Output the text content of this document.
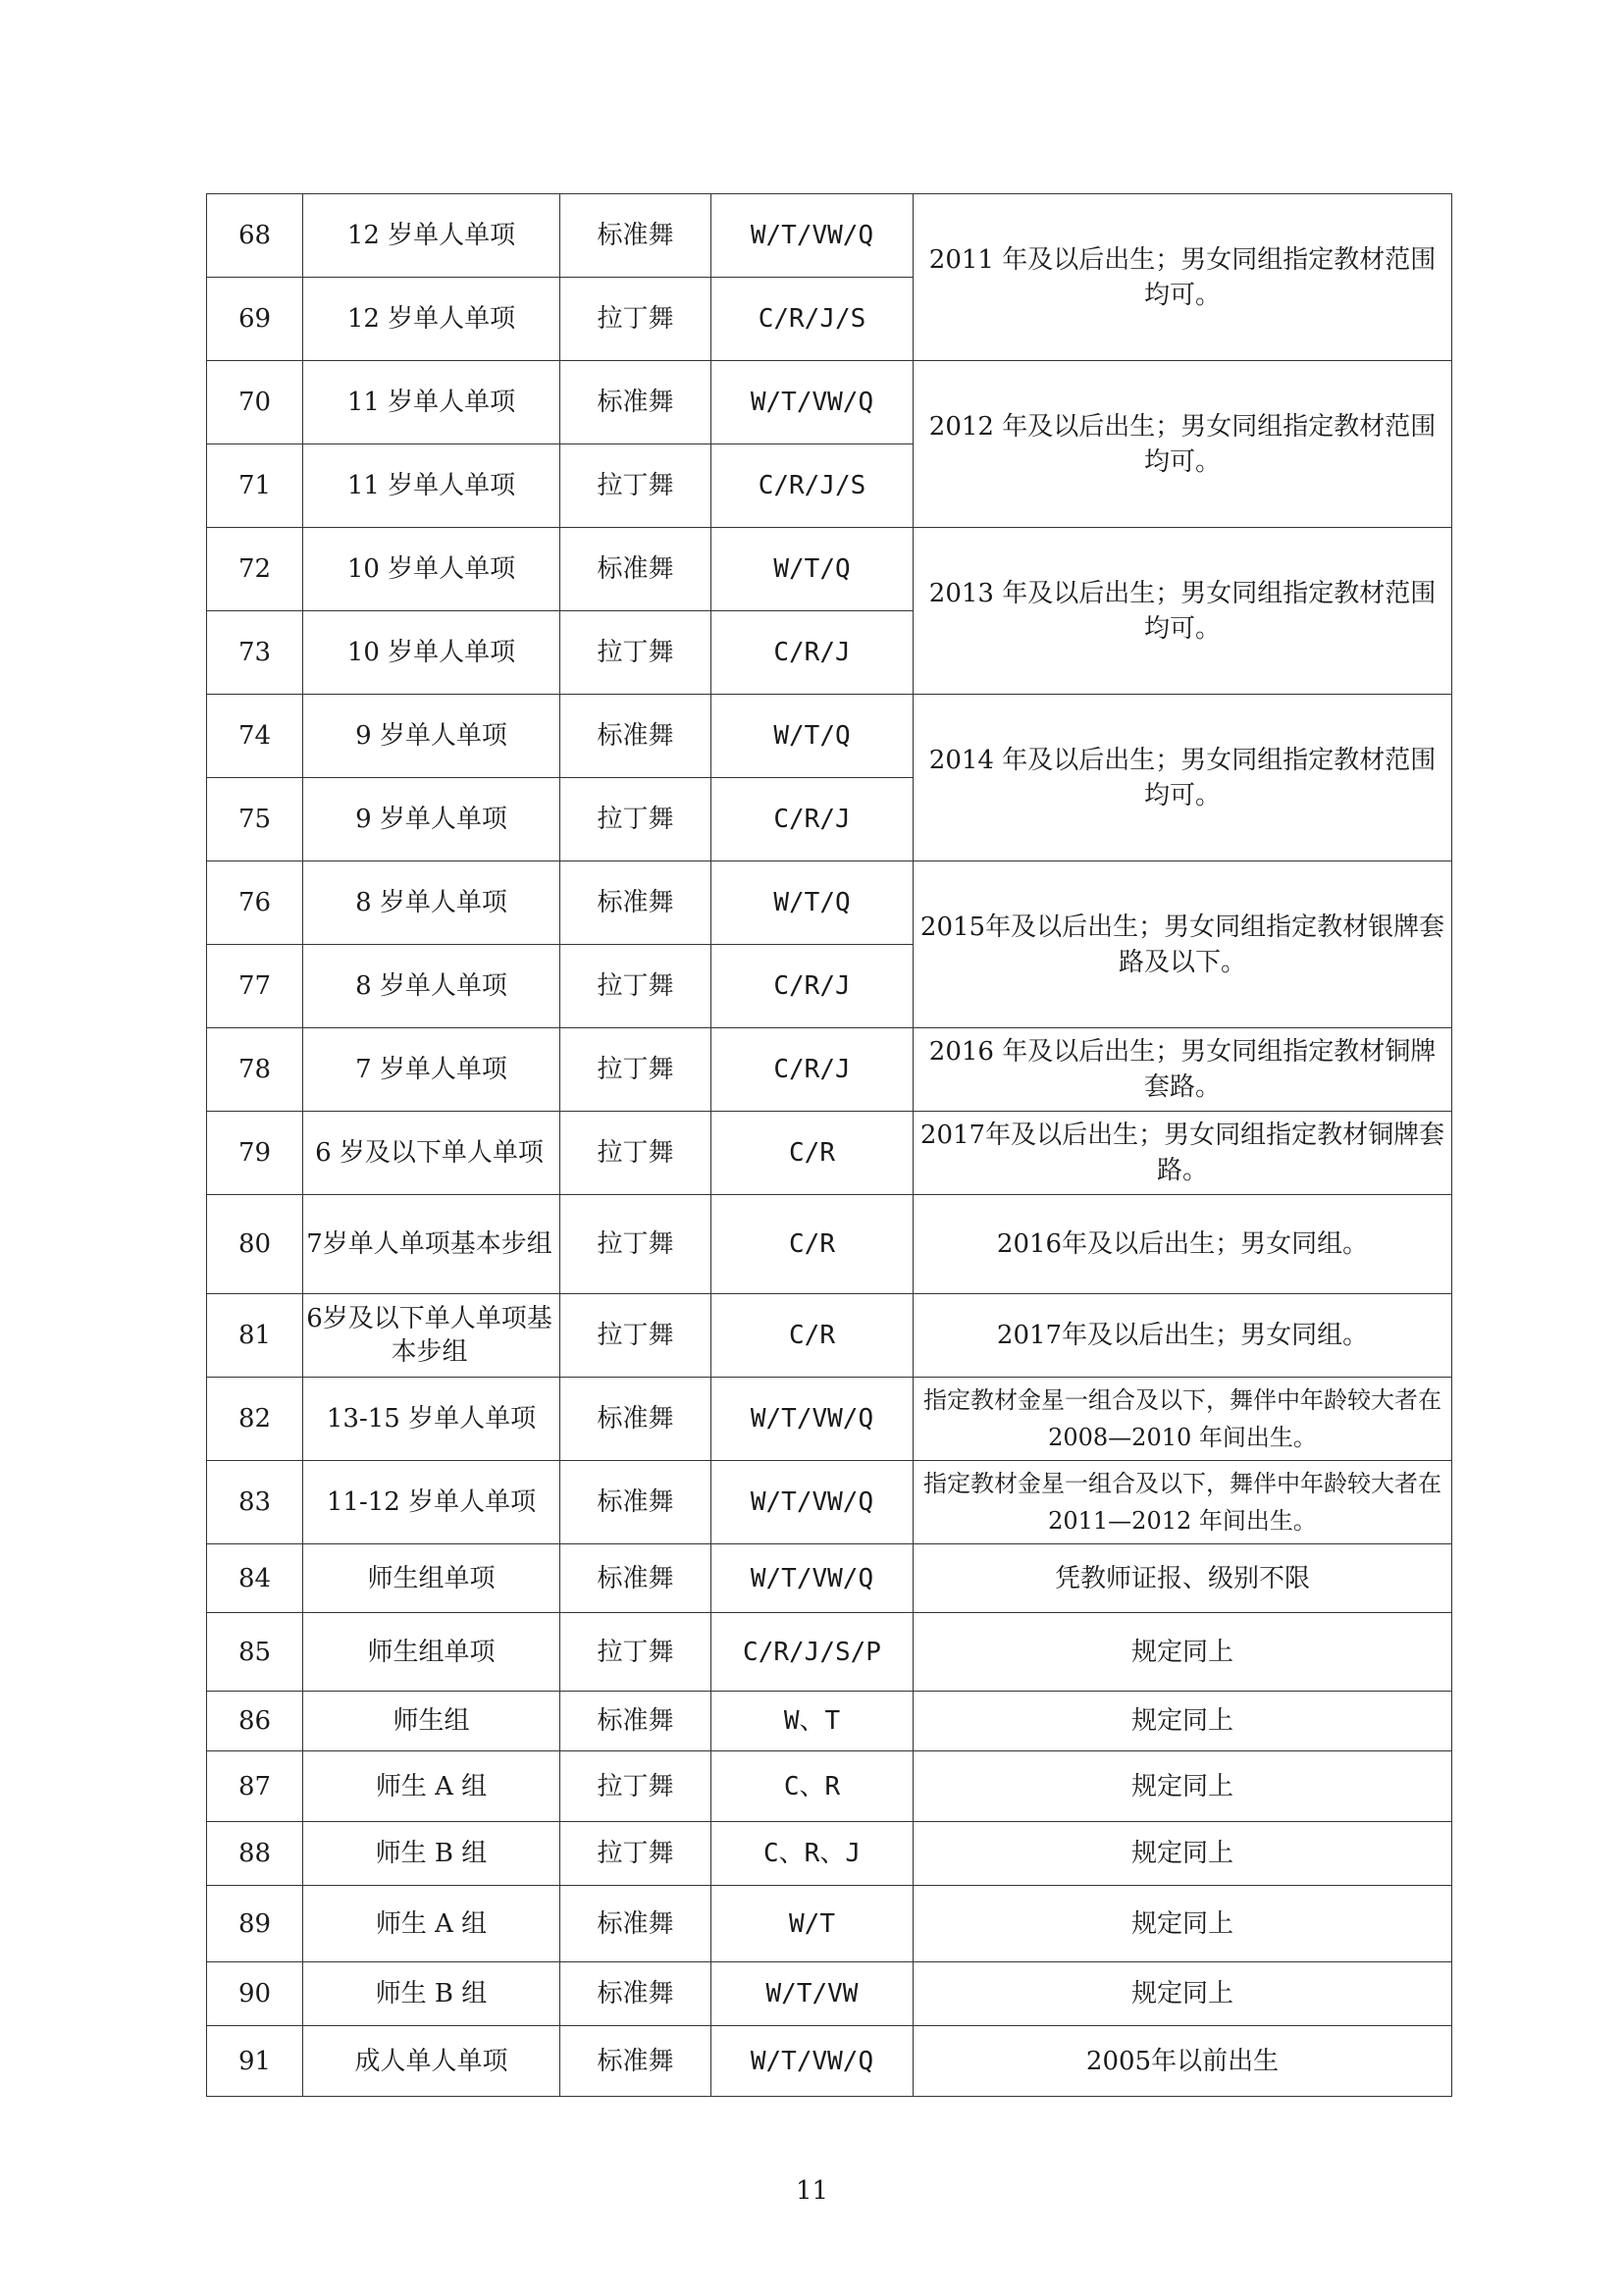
68	12 岁单人单项	标准舞	W/T/VW/Q	2011 年及以后出生；男女同组指定教材范围均可。
69	12 岁单人单项	拉丁舞	C/R/J/S	
70	11 岁单人单项	标准舞	W/T/VW/Q	2012 年及以后出生；男女同组指定教材范围均可。
71	11 岁单人单项	拉丁舞	C/R/J/S	
72	10 岁单人单项	标准舞	W/T/Q	2013 年及以后出生；男女同组指定教材范围均可。
73	10 岁单人单项	拉丁舞	C/R/J	
74	9 岁单人单项	标准舞	W/T/Q	2014 年及以后出生；男女同组指定教材范围均可。
75	9 岁单人单项	拉丁舞	C/R/J	
76	8 岁单人单项	标准舞	W/T/Q	2015年及以后出生；男女同组指定教材银牌套路及以下。
77	8 岁单人单项	拉丁舞	C/R/J	
78	7 岁单人单项	拉丁舞	C/R/J	2016 年及以后出生；男女同组指定教材铜牌套路。
79	6 岁及以下单人单项	拉丁舞	C/R	2017年及以后出生；男女同组指定教材铜牌套路。
80	7岁单人单项基本步组	拉丁舞	C/R	2016年及以后出生；男女同组。
81	6岁及以下单人单项基本步组	拉丁舞	C/R	2017年及以后出生；男女同组。
82	13-15 岁单人单项	标准舞	W/T/VW/Q	指定教材金星一组合及以下，舞伴中年龄较大者在2008—2010 年间出生。
83	11-12 岁单人单项	标准舞	W/T/VW/Q	指定教材金星一组合及以下，舞伴中年龄较大者在2011—2012 年间出生。
84	师生组单项	标准舞	W/T/VW/Q	凭教师证报、级别不限
85	师生组单项	拉丁舞	C/R/J/S/P	规定同上
86	师生组	标准舞	W、T	规定同上
87	师生 A 组	拉丁舞	C、R	规定同上
88	师生 B 组	拉丁舞	C、R、J	规定同上
89	师生 A 组	标准舞	W/T	规定同上
90	师生 B 组	标准舞	W/T/VW	规定同上
91	成人单人单项	标准舞	W/T/VW/Q	2005年以前出生
11
